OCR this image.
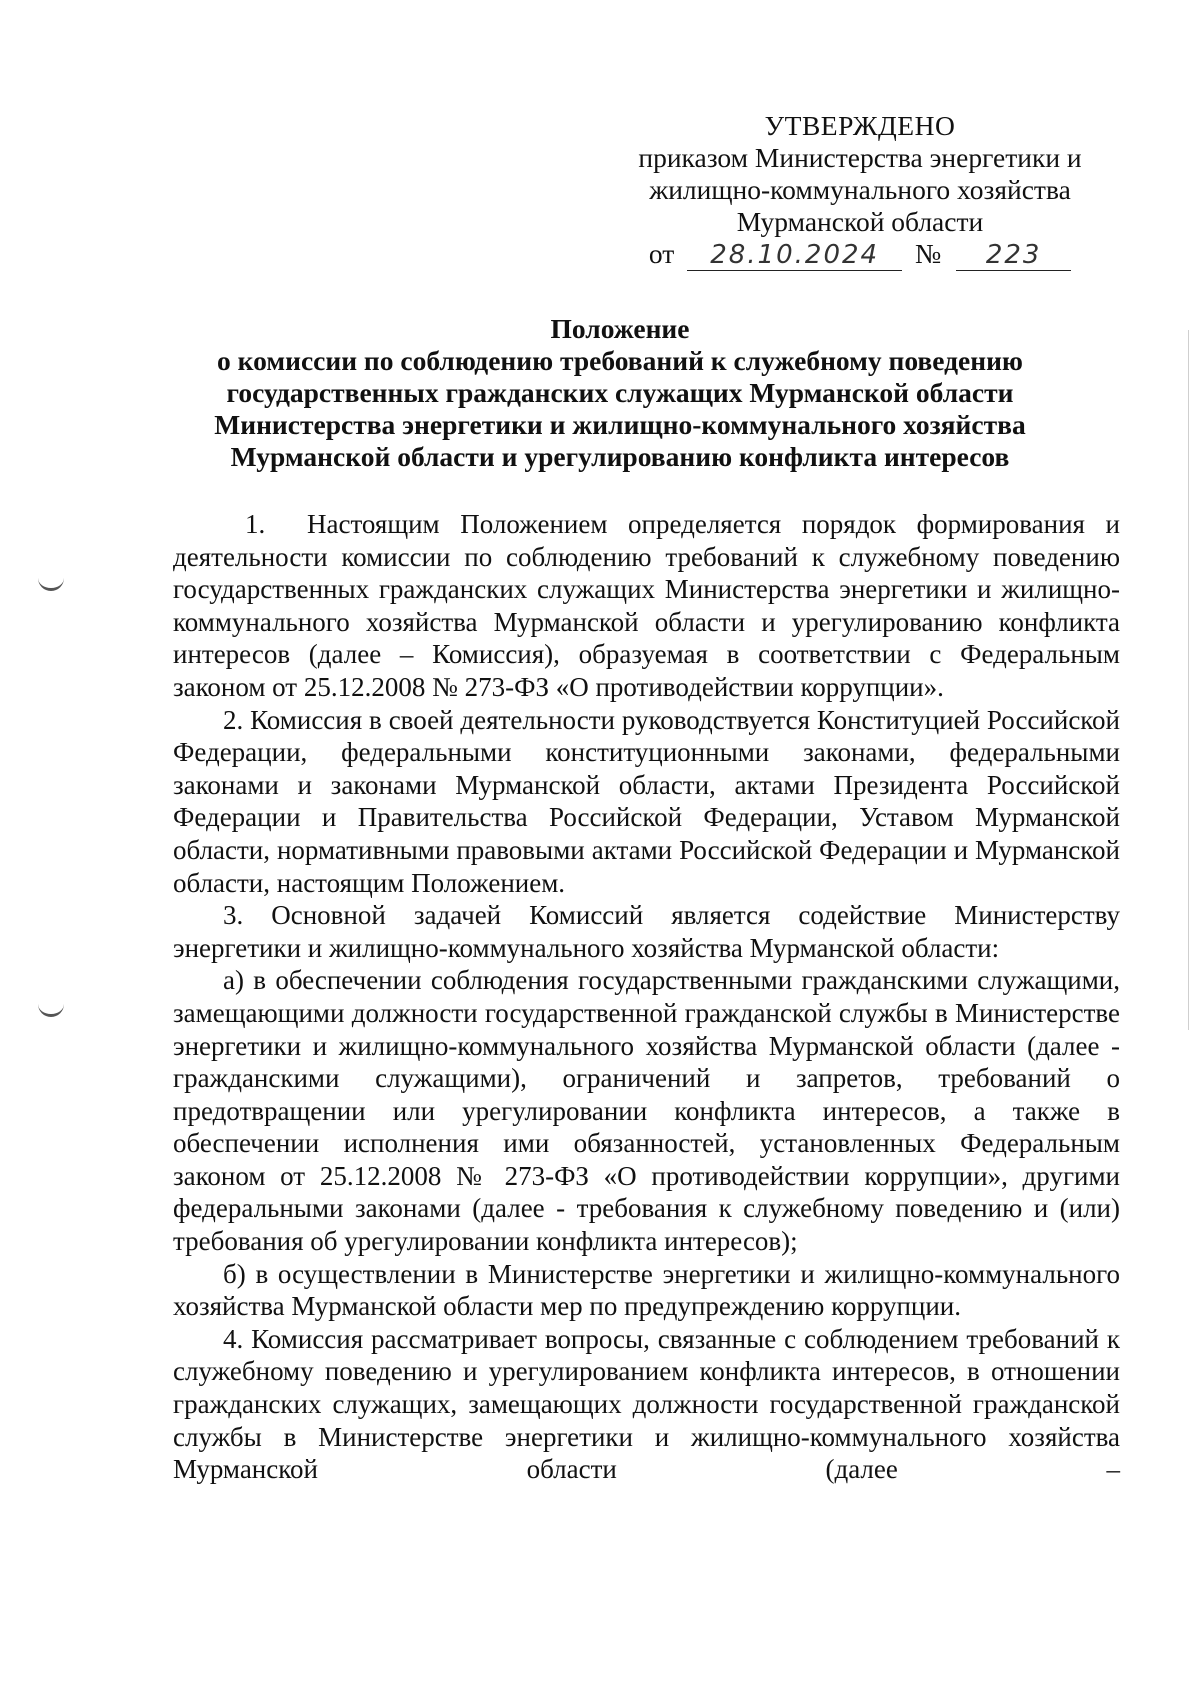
УТВЕРЖДЕНО
приказом Министерства энергетики и
жилищно-коммунального хозяйства
Мурманской области
от 28.10.2024 № 223
Положение
о комиссии по соблюдению требований к служебному поведению
государственных гражданских служащих Мурманской области
Министерства энергетики и жилищно-коммунального хозяйства
Мурманской области и урегулированию конфликта интересов

1. Настоящим Положением определяется порядок формирования и деятельности комиссии по соблюдению требований к служебному поведению государственных гражданских служащих Министерства энергетики и жилищно-коммунального хозяйства Мурманской области и урегулированию конфликта интересов (далее – Комиссия), образуемая в соответствии с Федеральным законом от 25.12.2008 № 273-ФЗ «О противодействии коррупции».

2. Комиссия в своей деятельности руководствуется Конституцией Российской Федерации, федеральными конституционными законами, федеральными законами и законами Мурманской области, актами Президента Российской Федерации и Правительства Российской Федерации, Уставом Мурманской области, нормативными правовыми актами Российской Федерации и Мурманской области, настоящим Положением.

3. Основной задачей Комиссий является содействие Министерству энергетики и жилищно-коммунального хозяйства Мурманской области:

а) в обеспечении соблюдения государственными гражданскими служащими, замещающими должности государственной гражданской службы в Министерстве энергетики и жилищно-коммунального хозяйства Мурманской области (далее - гражданскими служащими), ограничений и запретов, требований о предотвращении или урегулировании конфликта интересов, а также в обеспечении исполнения ими обязанностей, установленных Федеральным законом от 25.12.2008 № 273-ФЗ «О противодействии коррупции», другими федеральными законами (далее - требования к служебному поведению и (или) требования об урегулировании конфликта интересов);

б) в осуществлении в Министерстве энергетики и жилищно-коммунального хозяйства Мурманской области мер по предупреждению коррупции.

4. Комиссия рассматривает вопросы, связанные с соблюдением требований к служебному поведению и урегулированием конфликта интересов, в отношении гражданских служащих, замещающих должности государственной гражданской службы в Министерстве энергетики и жилищно-коммунального хозяйства Мурманской области (далее –
